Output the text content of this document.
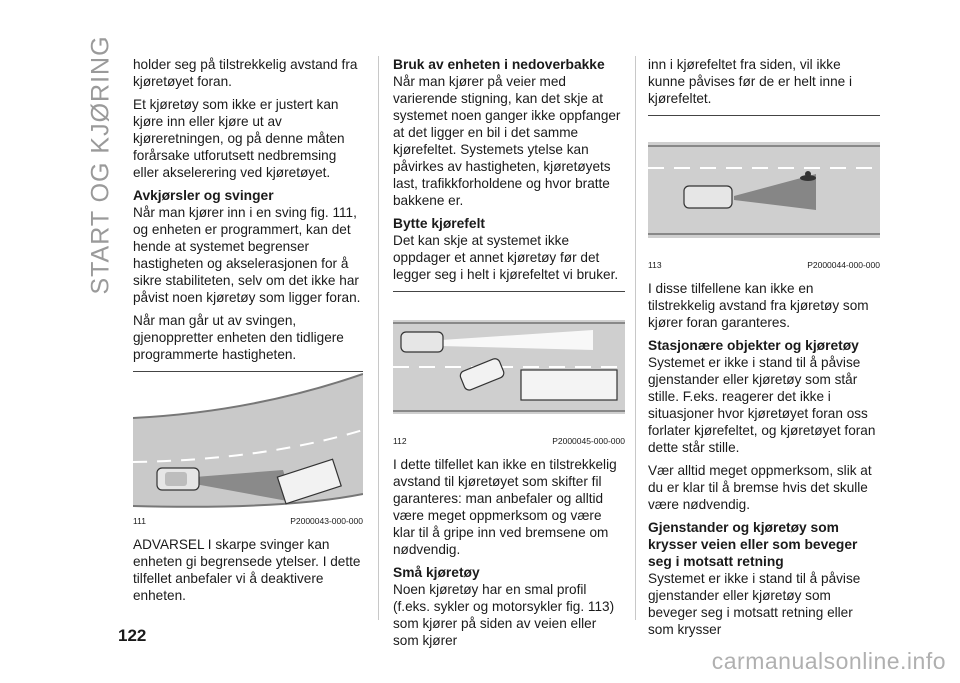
START OG KJØRING
122

holder seg på tilstrekkelig avstand fra kjøretøyet foran.

Et kjøretøy som ikke er justert kan kjøre inn eller kjøre ut av kjøreretningen, og på denne måten forårsake utforutsett nedbremsing eller akselerering ved kjøretøyet.

Avkjørsler og svinger

Når man kjører inn i en sving fig. 111, og enheten er programmert, kan det hende at systemet begrenser hastigheten og akselerasjonen for å sikre stabiliteten, selv om det ikke har påvist noen kjøretøy som ligger foran.

Når man går ut av svingen, gjenoppretter enheten den tidligere programmerte hastigheten.

111	P2000043-000-000

ADVARSEL I skarpe svinger kan enheten gi begrensede ytelser. I dette tilfellet anbefaler vi å deaktivere enheten.

Bruk av enheten i nedoverbakke

Når man kjører på veier med varierende stigning, kan det skje at systemet noen ganger ikke oppfanger at det ligger en bil i det samme kjørefeltet. Systemets ytelse kan påvirkes av hastigheten, kjøretøyets last, trafikkforholdene og hvor bratte bakkene er.

Bytte kjørefelt

Det kan skje at systemet ikke oppdager et annet kjøretøy før det legger seg i helt i kjørefeltet vi bruker.

112	P2000045-000-000

I dette tilfellet kan ikke en tilstrekkelig avstand til kjøretøyet som skifter fil garanteres: man anbefaler og alltid være meget oppmerksom og være klar til å gripe inn ved bremsene om nødvendig.

Små kjøretøy

Noen kjøretøy har en smal profil (f.eks. sykler og motorsykler fig. 113) som kjører på siden av veien eller som kjører

inn i kjørefeltet fra siden, vil ikke kunne påvises før de er helt inne i kjørefeltet.

113	P2000044-000-000

I disse tilfellene kan ikke en tilstrekkelig avstand fra kjøretøy som kjører foran garanteres.

Stasjonære objekter og kjøretøy

Systemet er ikke i stand til å påvise gjenstander eller kjøretøy som står stille. F.eks. reagerer det ikke i situasjoner hvor kjøretøyet foran oss forlater kjørefeltet, og kjøretøyet foran dette står stille.

Vær alltid meget oppmerksom, slik at du er klar til å bremse hvis det skulle være nødvendig.

Gjenstander og kjøretøy som krysser veien eller som beveger seg i motsatt retning

Systemet er ikke i stand til å påvise gjenstander eller kjøretøy som beveger seg i motsatt retning eller som krysser

carmanualsonline.info
